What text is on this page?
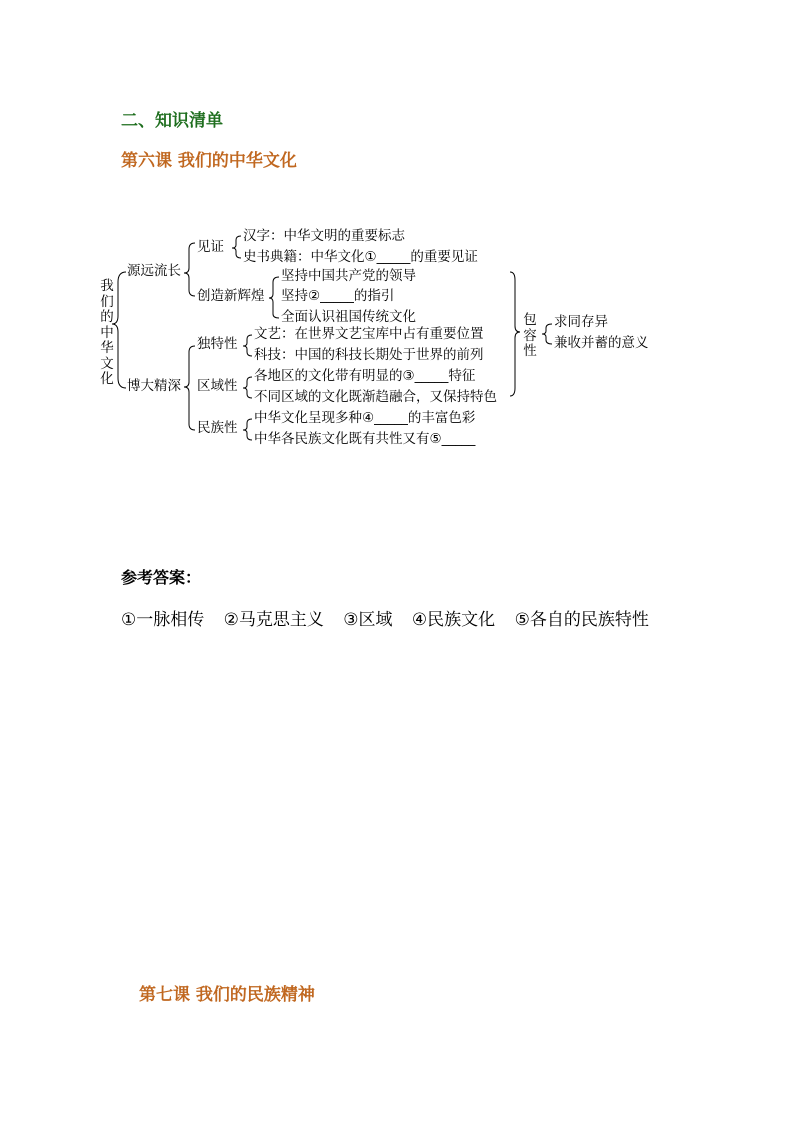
二、知识清单
第六课 我们的中华文化
我们的中华文化
源远流长
博大精深
见证
汉字：中华文明的重要标志
史书典籍：中华文化①_____的重要见证
创造新辉煌
坚持中国共产党的领导
坚持②_____的指引
全面认识祖国传统文化
独特性
文艺：在世界文艺宝库中占有重要位置
科技：中国的科技长期处于世界的前列
区域性
各地区的文化带有明显的③_____特征
不同区域的文化既渐趋融合，又保持特色
民族性
中华文化呈现多种④_____的丰富色彩
中华各民族文化既有共性又有⑤_____
包容性
求同存异
兼收并蓄的意义
参考答案：
①一脉相传 ②马克思主义 ③区域 ④民族文化 ⑤各自的民族特性
第七课 我们的民族精神
